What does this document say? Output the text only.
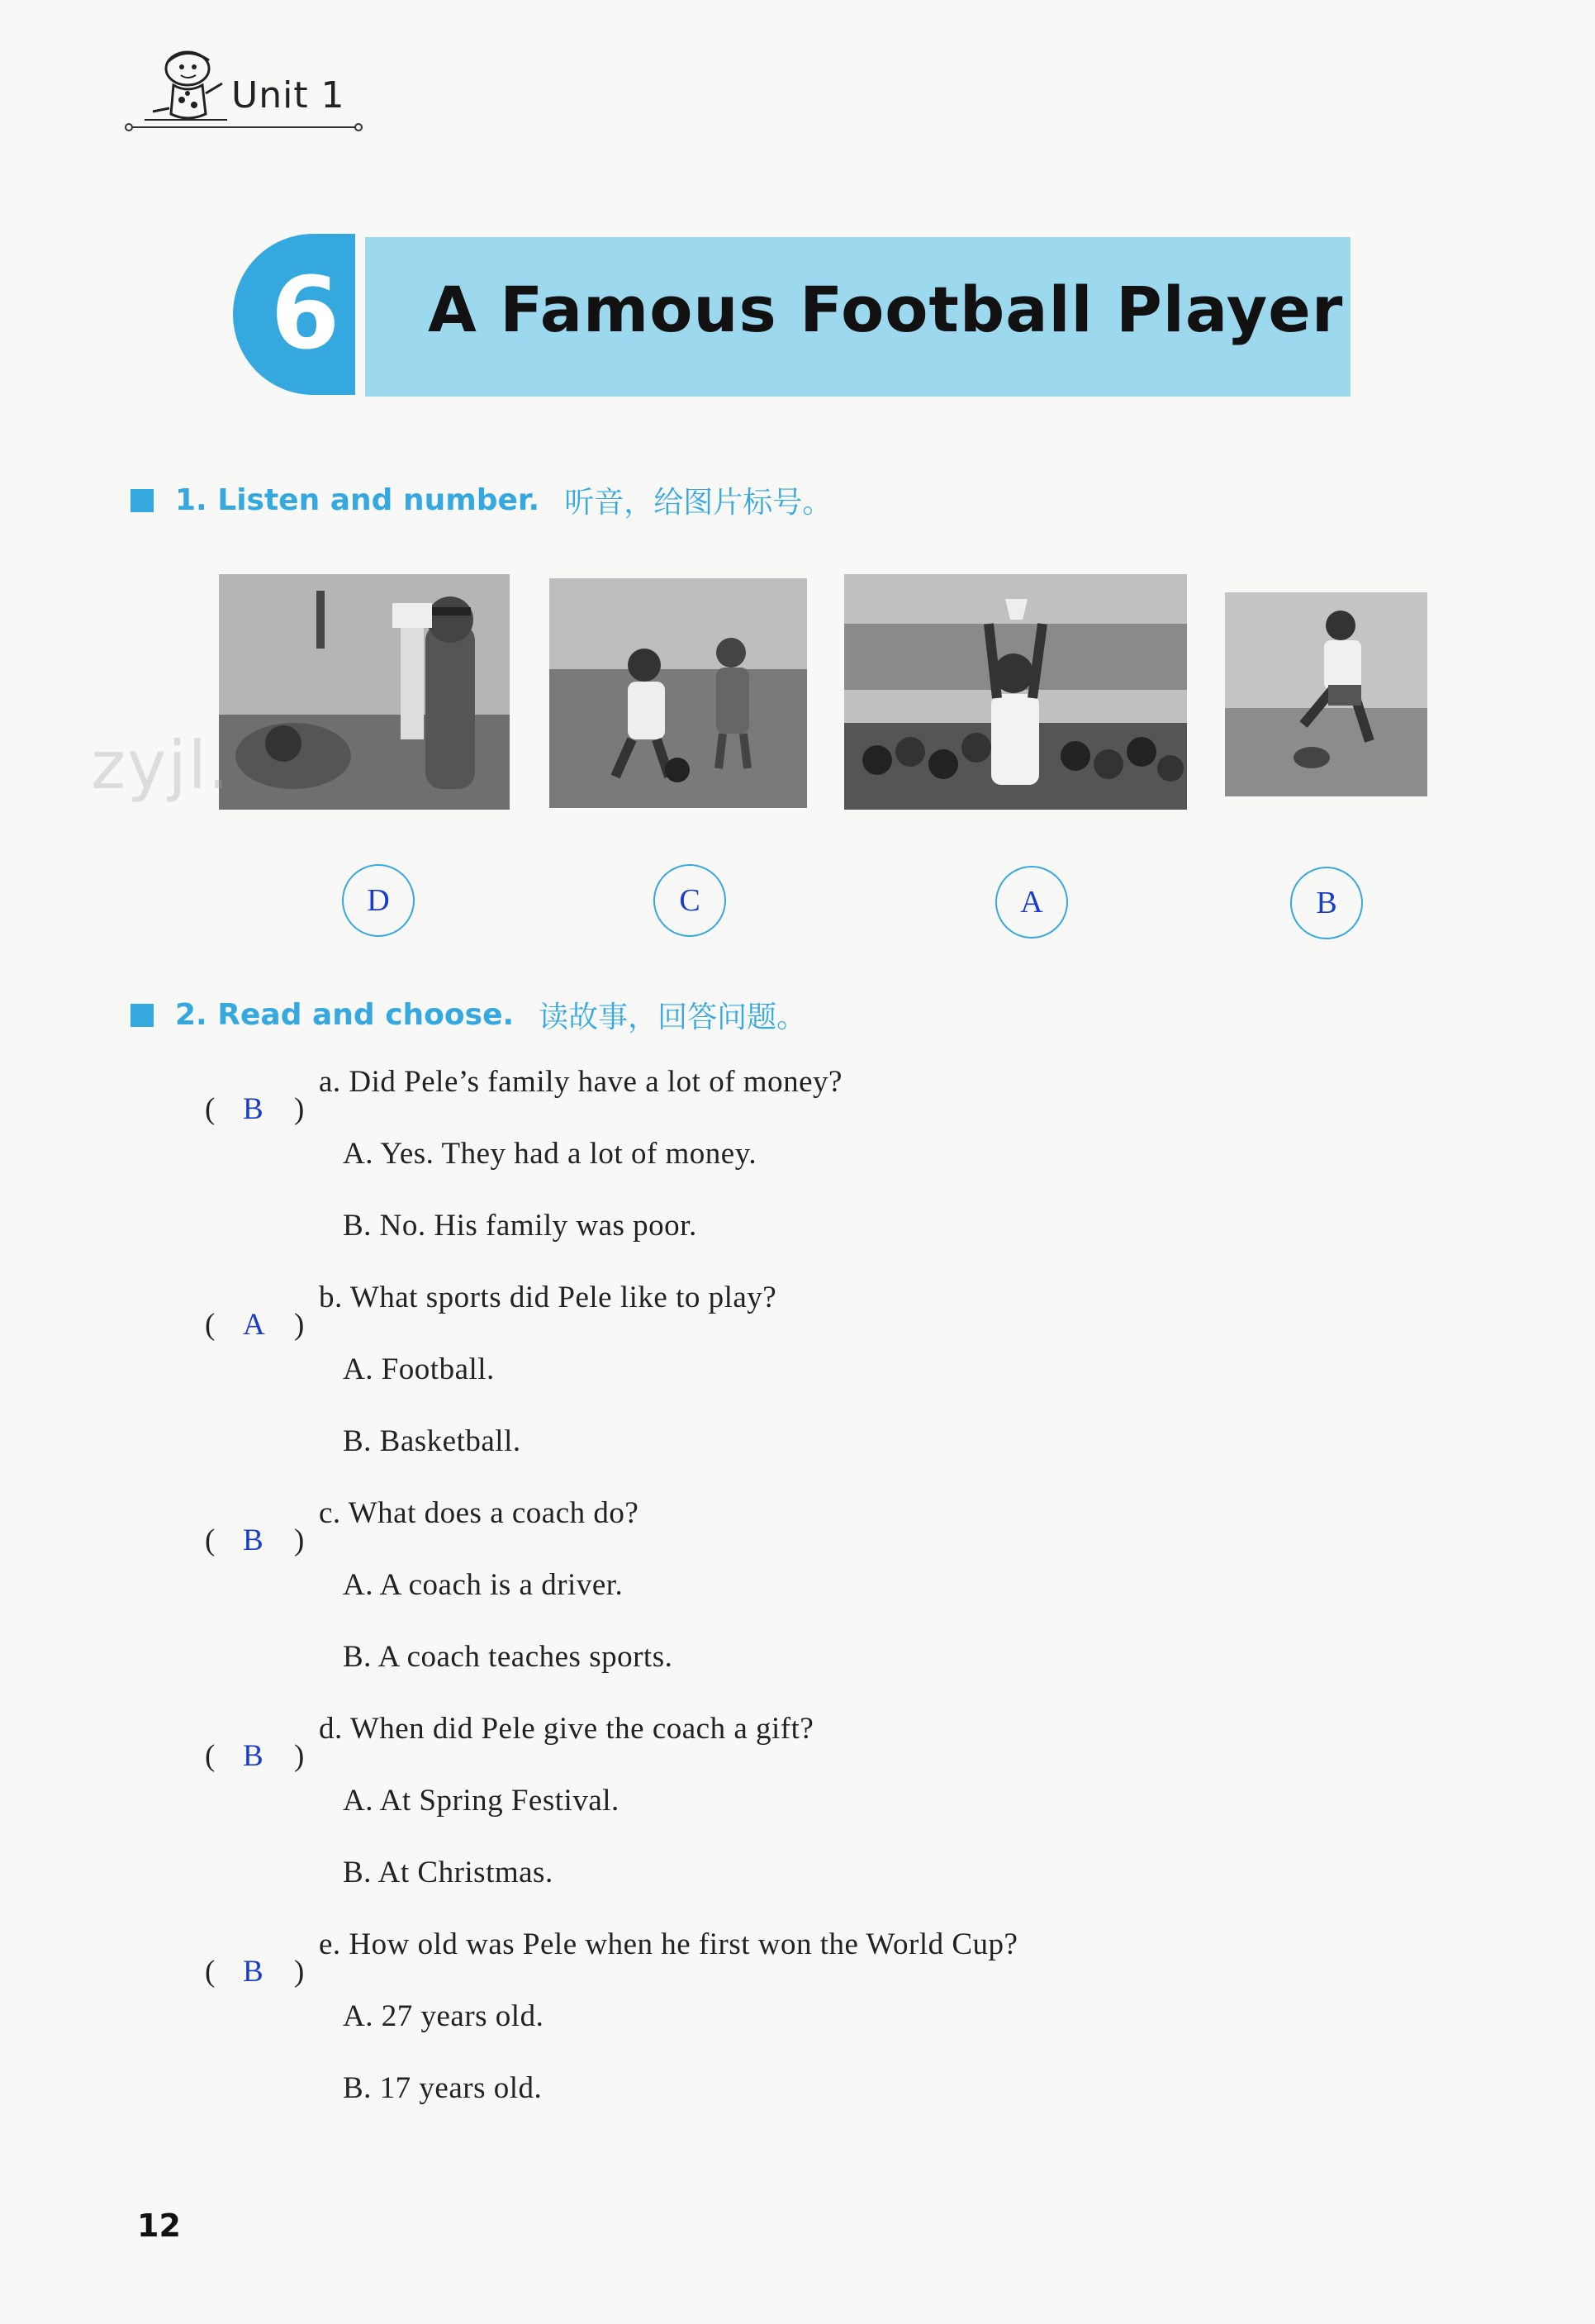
Unit 1
6	A Famous Football Player
1. Listen and number. 听音，给图片标号。
zyjl.
D	C	A	B
2. Read and choose. 读故事，回答问题。
( B )
a. Did Pele’s family have a lot of money?
A. Yes. They had a lot of money.
B. No. His family was poor.
( A )
b. What sports did Pele like to play?
A. Football.
B. Basketball.
( B )
c. What does a coach do?
A. A coach is a driver.
B. A coach teaches sports.
( B )
d. When did Pele give the coach a gift?
A. At Spring Festival.
B. At Christmas.
( B )
e. How old was Pele when he first won the World Cup?
A. 27 years old.
B. 17 years old.
12
